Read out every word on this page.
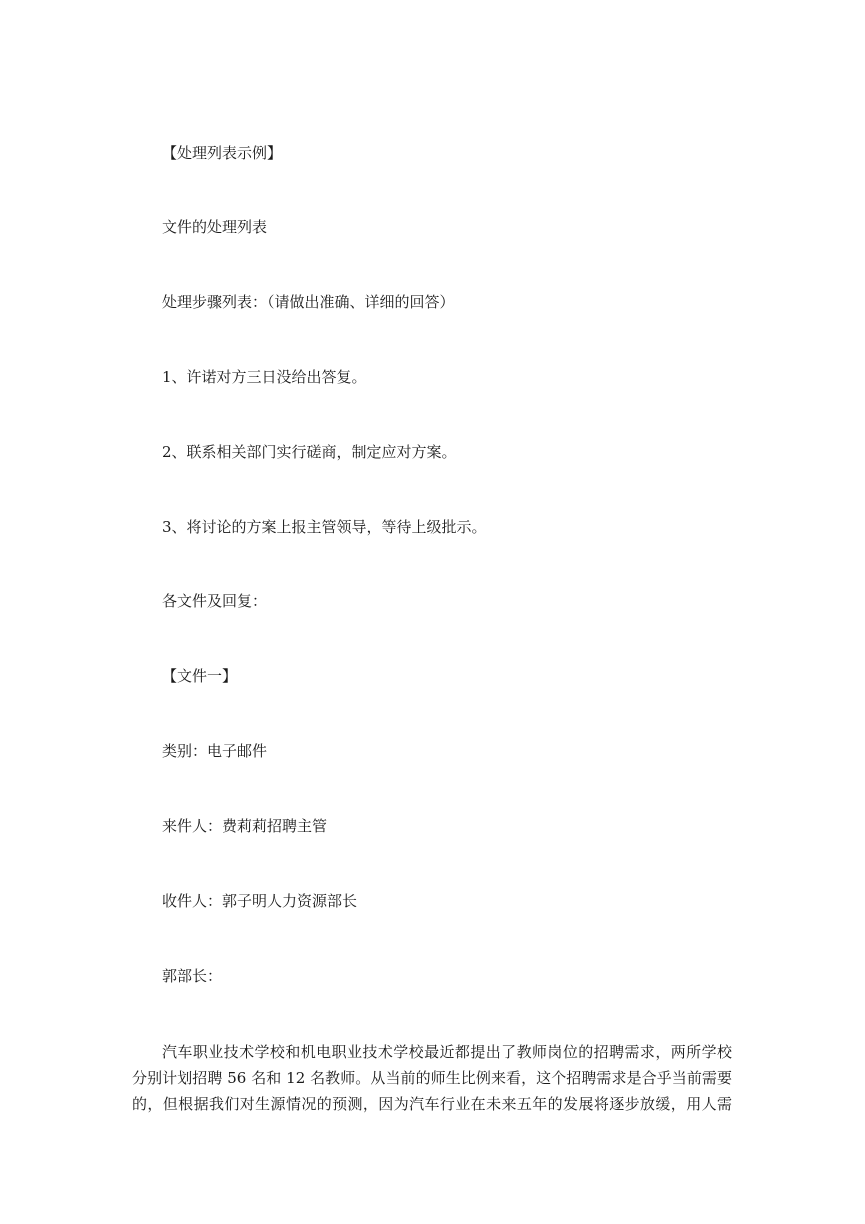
【处理列表示例】
文件的处理列表
处理步骤列表：（请做出准确、详细的回答）
1、许诺对方三日没给出答复。
2、联系相关部门实行磋商，制定应对方案。
3、将讨论的方案上报主管领导，等待上级批示。
各文件及回复：
【文件一】
类别：电子邮件
来件人：费莉莉招聘主管
收件人：郭子明人力资源部长
郭部长：
汽车职业技术学校和机电职业技术学校最近都提出了教师岗位的招聘需求，两所学校
分别计划招聘 56 名和 12 名教师。从当前的师生比例来看，这个招聘需求是合乎当前需要
的，但根据我们对生源情况的预测，因为汽车行业在未来五年的发展将逐步放缓，用人需
